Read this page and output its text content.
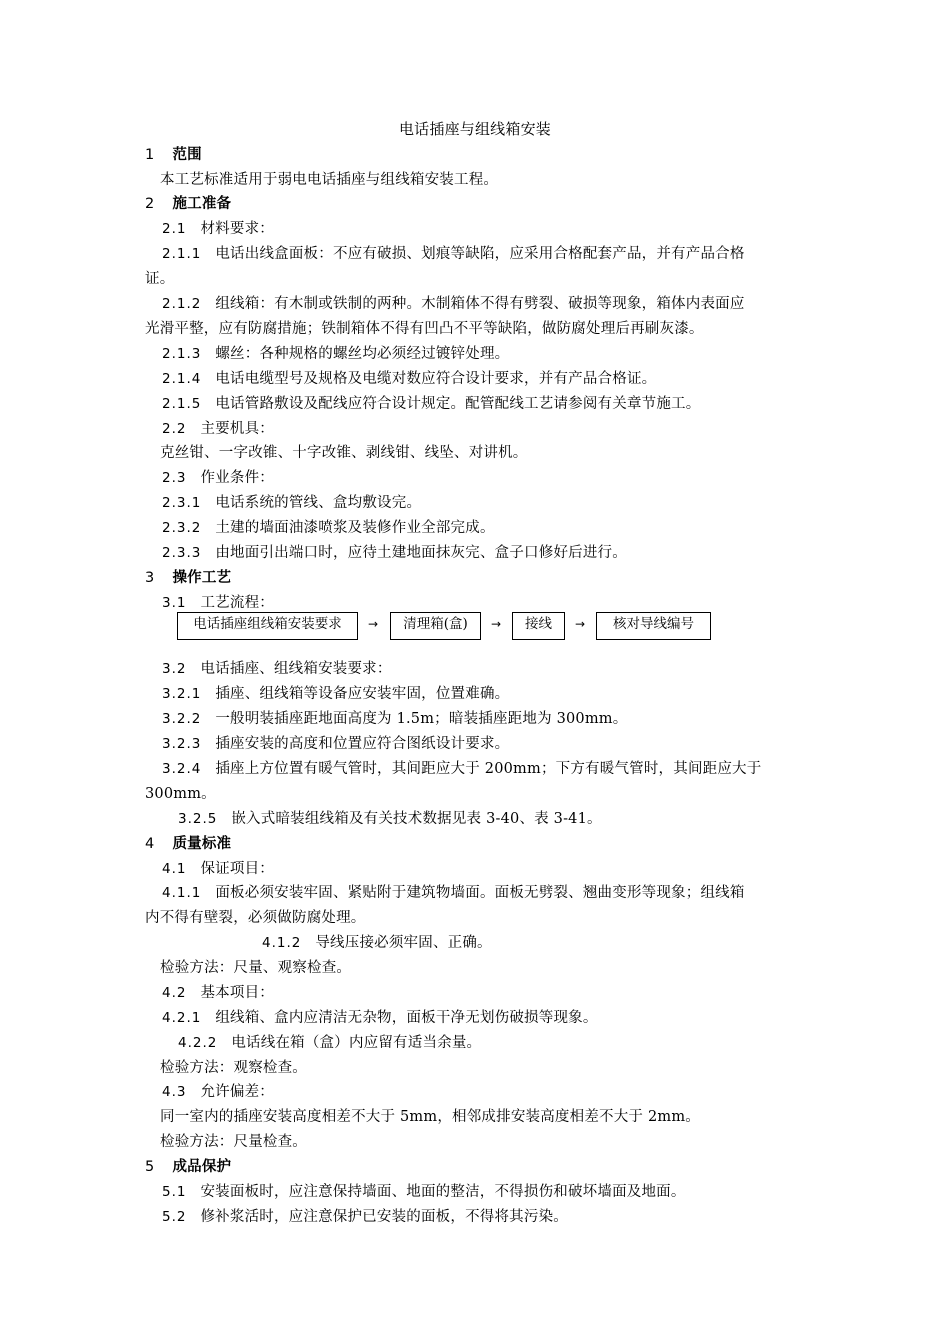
电话插座与组线箱安装
1 范围
本工艺标准适用于弱电电话插座与组线箱安装工程。
2 施工准备
2.1 材料要求：
2.1.1 电话出线盒面板：不应有破损、划痕等缺陷，应采用合格配套产品，并有产品合格
证。
2.1.2 组线箱：有木制或铁制的两种。木制箱体不得有劈裂、破损等现象，箱体内表面应
光滑平整，应有防腐措施；铁制箱体不得有凹凸不平等缺陷，做防腐处理后再刷灰漆。
2.1.3 螺丝：各种规格的螺丝均必须经过镀锌处理。
2.1.4 电话电缆型号及规格及电缆对数应符合设计要求，并有产品合格证。
2.1.5 电话管路敷设及配线应符合设计规定。配管配线工艺请参阅有关章节施工。
2.2 主要机具：
克丝钳、一字改锥、十字改锥、剥线钳、线坠、对讲机。
2.3 作业条件：
2.3.1 电话系统的管线、盒均敷设完。
2.3.2 土建的墙面油漆喷浆及装修作业全部完成。
2.3.3 由地面引出端口时，应待土建地面抹灰完、盒子口修好后进行。
3 操作工艺
3.1 工艺流程：
电话插座组线箱安装要求	→	清理箱(盒)	→	接线	→	核对导线编号
3.2 电话插座、组线箱安装要求：
3.2.1 插座、组线箱等设备应安装牢固，位置难确。
3.2.2 一般明装插座距地面高度为 1.5m；暗装插座距地为 300mm。
3.2.3 插座安装的高度和位置应符合图纸设计要求。
3.2.4 插座上方位置有暖气管时，其间距应大于 200mm；下方有暖气管时，其间距应大于
300mm。
3.2.5 嵌入式暗装组线箱及有关技术数据见表 3-40、表 3-41。
4 质量标准
4.1 保证项目：
4.1.1 面板必须安装牢固、紧贴附于建筑物墙面。面板无劈裂、翘曲变形等现象；组线箱
内不得有壁裂，必须做防腐处理。
4.1.2 导线压接必须牢固、正确。
检验方法：尺量、观察检查。
4.2 基本项目：
4.2.1 组线箱、盒内应清洁无杂物，面板干净无划伤破损等现象。
4.2.2 电话线在箱（盒）内应留有适当余量。
检验方法：观察检查。
4.3 允许偏差：
同一室内的插座安装高度相差不大于 5mm，相邻成排安装高度相差不大于 2mm。
检验方法：尺量检查。
5 成品保护
5.1 安装面板时，应注意保持墙面、地面的整洁，不得损伤和破坏墙面及地面。
5.2 修补浆活时，应注意保护已安装的面板，不得将其污染。
